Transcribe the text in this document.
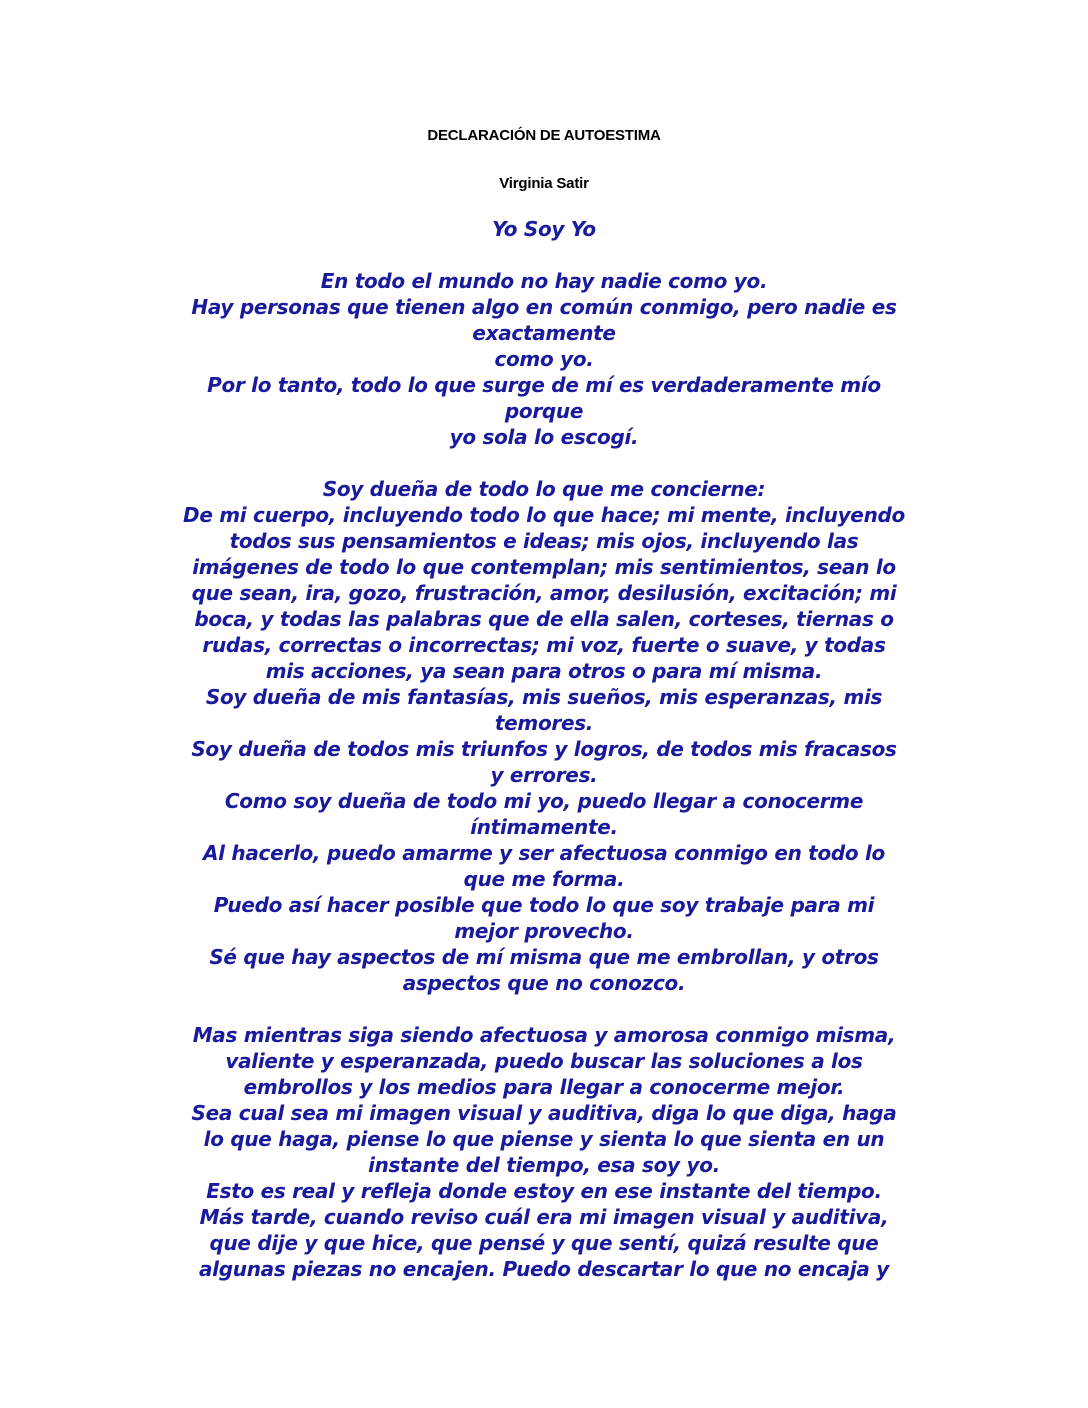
DECLARACIÓN DE AUTOESTIMA
Virginia Satir
Yo Soy Yo
En todo el mundo no hay nadie como yo.
Hay personas que tienen algo en común conmigo, pero nadie es
exactamente
como yo.
Por lo tanto, todo lo que surge de mí es verdaderamente mío
porque
yo sola lo escogí.
Soy dueña de todo lo que me concierne:
De mi cuerpo, incluyendo todo lo que hace; mi mente, incluyendo
todos sus pensamientos e ideas; mis ojos, incluyendo las
imágenes de todo lo que contemplan; mis sentimientos, sean lo
que sean, ira, gozo, frustración, amor, desilusión, excitación; mi
boca, y todas las palabras que de ella salen, corteses, tiernas o
rudas, correctas o incorrectas; mi voz, fuerte o suave, y todas
mis acciones, ya sean para otros o para mí misma.
Soy dueña de mis fantasías, mis sueños, mis esperanzas, mis
temores.
Soy dueña de todos mis triunfos y logros, de todos mis fracasos
y errores.
Como soy dueña de todo mi yo, puedo llegar a conocerme
íntimamente.
Al hacerlo, puedo amarme y ser afectuosa conmigo en todo lo
que me forma.
Puedo así hacer posible que todo lo que soy trabaje para mi
mejor provecho.
Sé que hay aspectos de mí misma que me embrollan, y otros
aspectos que no conozco.
Mas mientras siga siendo afectuosa y amorosa conmigo misma,
valiente y esperanzada, puedo buscar las soluciones a los
embrollos y los medios para llegar a conocerme mejor.
Sea cual sea mi imagen visual y auditiva, diga lo que diga, haga
lo que haga, piense lo que piense y sienta lo que sienta en un
instante del tiempo, esa soy yo.
Esto es real y refleja donde estoy en ese instante del tiempo.
Más tarde, cuando reviso cuál era mi imagen visual y auditiva,
que dije y que hice, que pensé y que sentí, quizá resulte que
algunas piezas no encajen. Puedo descartar lo que no encaja y
